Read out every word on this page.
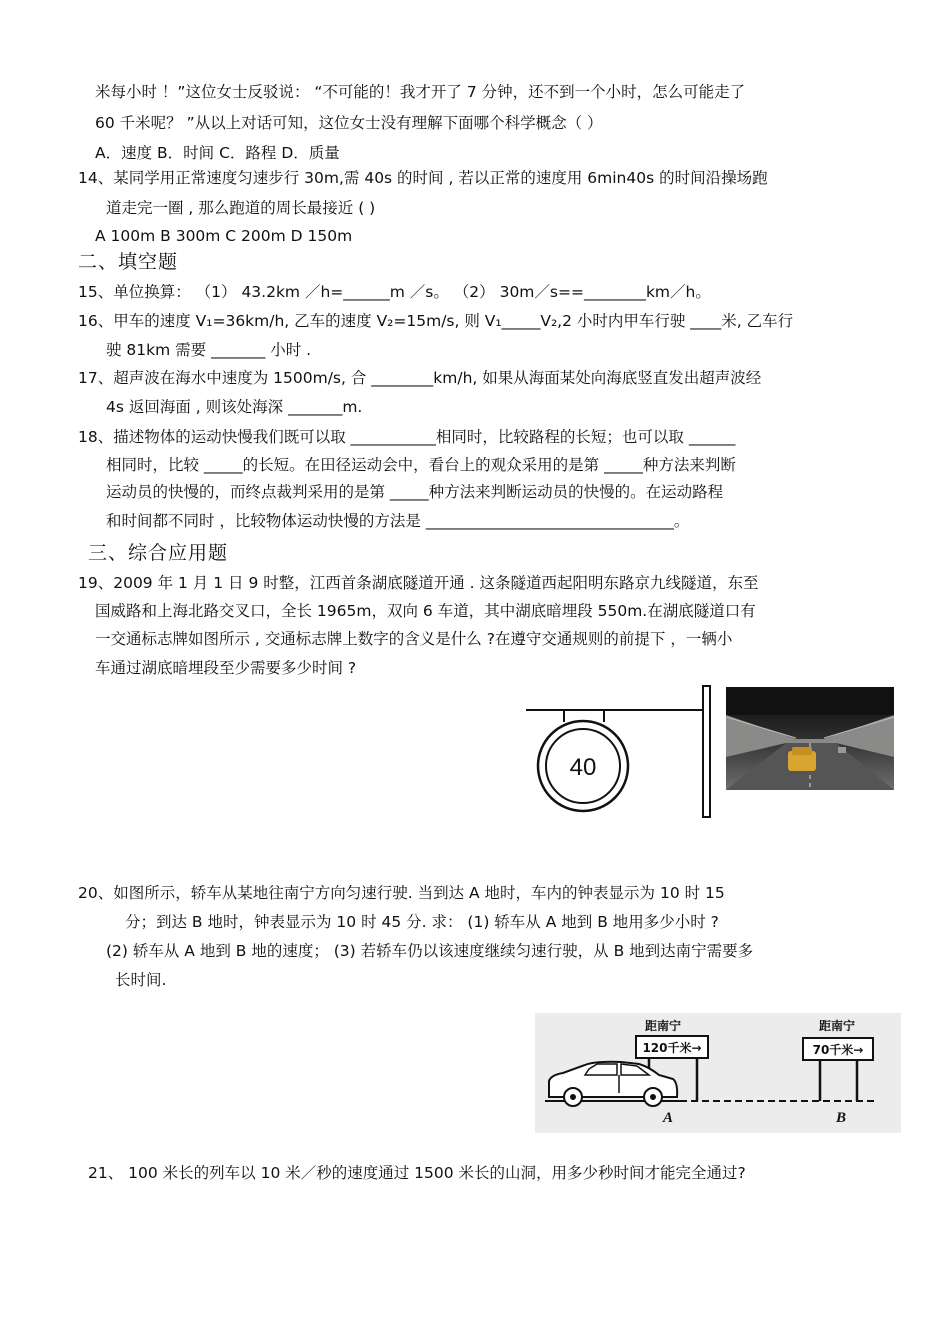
米每小时 ！”这位女士反驳说： “不可能的！我才开了 7 分钟，还不到一个小时，怎么可能走了
60 千米呢？ ”从以上对话可知，这位女士没有理解下面哪个科学概念（ ）
A．速度 B．时间 C．路程 D．质量
14、某同学用正常速度匀速步行 30m,需 40s 的时间 , 若以正常的速度用 6min40s 的时间沿操场跑
道走完一圈 , 那么跑道的周长最接近 ( )
A 100m B 300m C 200m D 150m
二、填空题
15、单位换算： （1） 43.2km ／h=______m ／s。 （2） 30m／s==________km／h。
16、甲车的速度 V₁=36km/h, 乙车的速度 V₂=15m/s, 则 V₁_____V₂,2 小时内甲车行驶 ____米, 乙车行
驶 81km 需要 _______ 小时 .
17、超声波在海水中速度为 1500m/s, 合 ________km/h, 如果从海面某处向海底竖直发出超声波经
4s 返回海面 , 则该处海深 _______m.
18、描述物体的运动快慢我们既可以取 ___________相同时，比较路程的长短；也可以取 ______
相同时，比较 _____的长短。在田径运动会中，看台上的观众采用的是第 _____种方法来判断
运动员的快慢的，而终点裁判采用的是第 _____种方法来判断运动员的快慢的。在运动路程
和时间都不同时 ，比较物体运动快慢的方法是 ________________________________。
三、综合应用题
19、2009 年 1 月 1 日 9 时整，江西首条湖底隧道开通 . 这条隧道西起阳明东路京九线隧道，东至
国威路和上海北路交叉口，全长 1965m，双向 6 车道，其中湖底暗埋段 550m.在湖底隧道口有
一交通标志牌如图所示 , 交通标志牌上数字的含义是什么 ?在遵守交通规则的前提下 ，一辆小
车通过湖底暗埋段至少需要多少时间 ?
40
20、如图所示，轿车从某地往南宁方向匀速行驶. 当到达 A 地时，车内的钟表显示为 10 时 15
分；到达 B 地时，钟表显示为 10 时 45 分. 求： (1) 轿车从 A 地到 B 地用多少小时 ?
(2) 轿车从 A 地到 B 地的速度； (3) 若轿车仍以该速度继续匀速行驶，从 B 地到达南宁需要多
长时间.
距南宁
120千米→
距南宁
70千米→
A	B
21、 100 米长的列车以 10 米／秒的速度通过 1500 米长的山洞，用多少秒时间才能完全通过?
